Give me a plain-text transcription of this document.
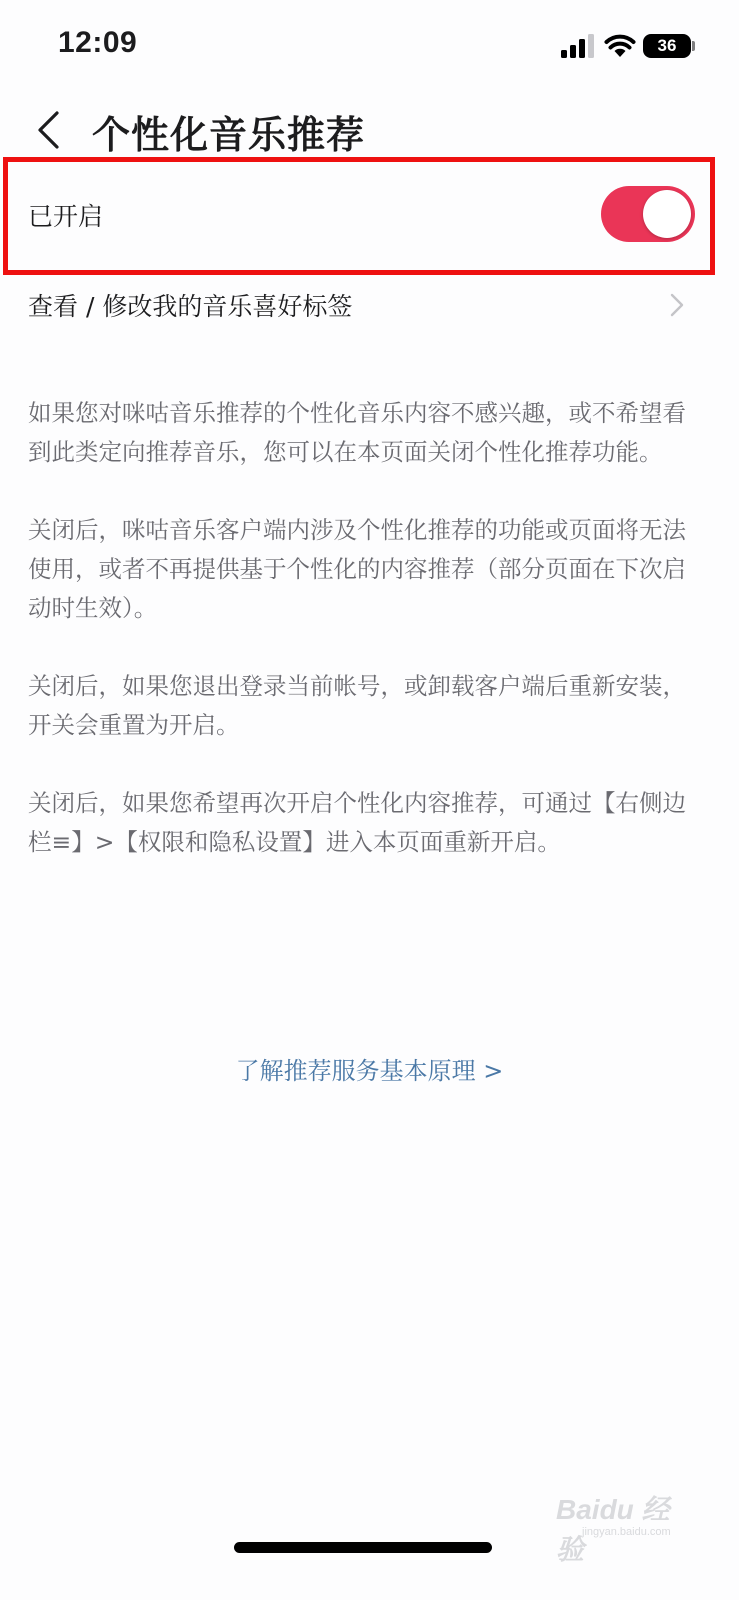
12:09	36
个性化音乐推荐
已开启
查看 / 修改我的音乐喜好标签

如果您对咪咕音乐推荐的个性化音乐内容不感兴趣，或不希望看到此类定向推荐音乐，您可以在本页面关闭个性化推荐功能。

关闭后，咪咕音乐客户端内涉及个性化推荐的功能或页面将无法使用，或者不再提供基于个性化的内容推荐（部分页面在下次启动时生效）。

关闭后，如果您退出登录当前帐号，或卸载客户端后重新安装，开关会重置为开启。

关闭后，如果您希望再次开启个性化内容推荐，可通过【右侧边栏≡】>【权限和隐私设置】进入本页面重新开启。

了解推荐服务基本原理 >
Baidu 经验
jingyan.baidu.com
